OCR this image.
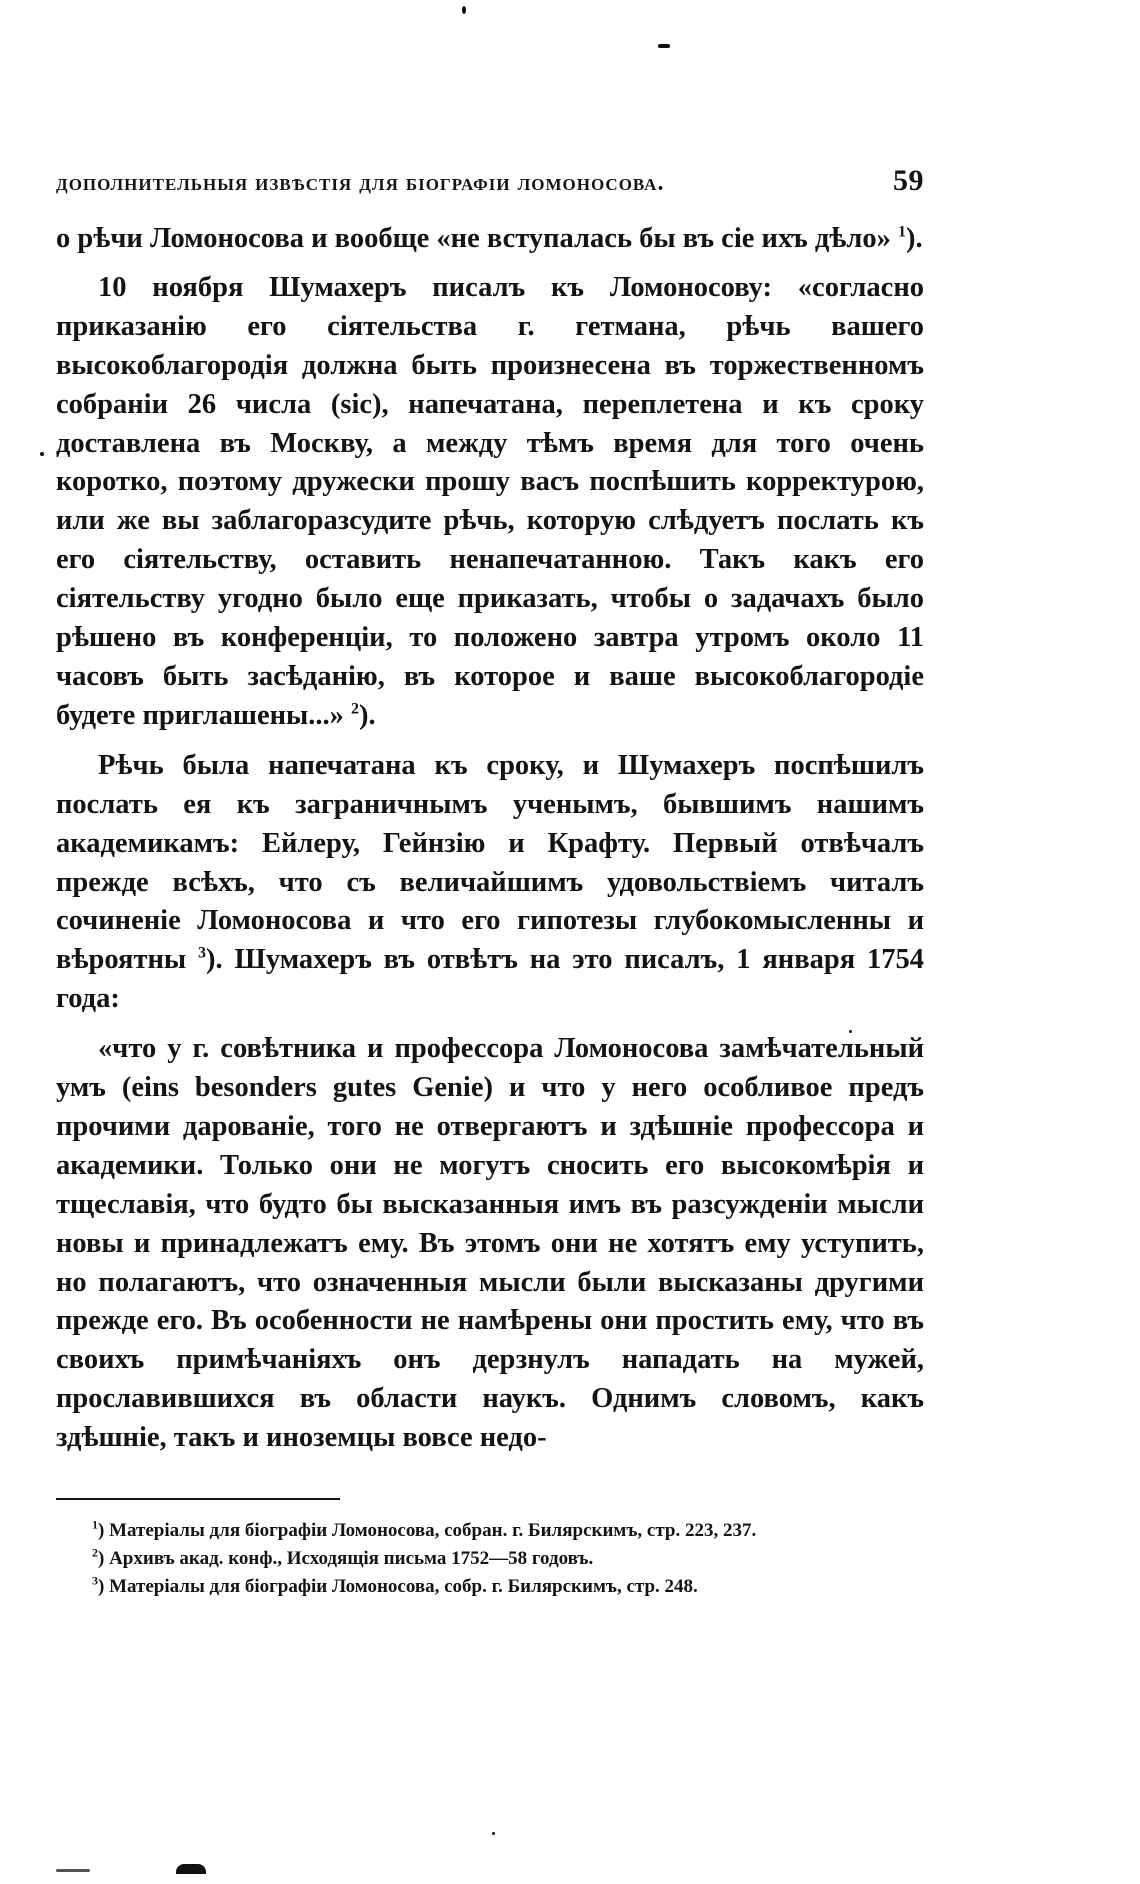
дополнительныя извѣстія для біографіи ломоносова.	59

о рѣчи Ломоносова и вообще «не вступалась бы въ сіе ихъ дѣло» $^1$).

10 ноября Шумахеръ писалъ къ Ломоносову: «согласно приказанію его сіятельства г. гетмана, рѣчь вашего высокоблагородія должна быть произнесена въ торжественномъ собраніи 26 числа (sic), напечатана, переплетена и къ сроку доставлена въ Москву, а между тѣмъ время для того очень коротко, поэтому дружески прошу васъ поспѣшить корректурою, или же вы заблагоразсудите рѣчь, которую слѣдуетъ послать къ его сіятельству, оставить ненапечатанною. Такъ какъ его сіятельству угодно было еще приказать, чтобы о задачахъ было рѣшено въ конференціи, то положено завтра утромъ около 11 часовъ быть засѣданію, въ которое и ваше высокоблагородіе будете приглашены...» $^2$).

Рѣчь была напечатана къ сроку, и Шумахеръ поспѣшилъ послать ея къ заграничнымъ ученымъ, бывшимъ нашимъ академикамъ: Ейлеру, Гейнзію и Крафту. Первый отвѣчалъ прежде всѣхъ, что съ величайшимъ удовольствіемъ читалъ сочиненіе Ломоносова и что его гипотезы глубокомысленны и вѣроятны $^3$). Шумахеръ въ отвѣтъ на это писалъ, 1 января 1754 года:

«что у г. совѣтника и профессора Ломоносова замѣчательный умъ (eins besonders gutes Genie) и что у него особливое предъ прочими дарованіе, того не отвергаютъ и здѣшніе профессора и академики. Только они не могутъ сносить его высокомѣрія и тщеславія, что будто бы высказанныя имъ въ разсужденіи мысли новы и принадлежатъ ему. Въ этомъ они не хотятъ ему уступить, но полагаютъ, что означенныя мысли были высказаны другими прежде его. Въ особенности не намѣрены они простить ему, что въ своихъ примѣчаніяхъ онъ дерзнулъ нападать на мужей, прославившихся въ области наукъ. Однимъ словомъ, какъ здѣшніе, такъ и иноземцы вовсе недо-

$^1$) Матеріалы для біографіи Ломоносова, собран. г. Билярскимъ, стр. 223, 237.

$^2$) Архивъ акад. конф., Исходящія письма 1752—58 годовъ.

$^3$) Матеріалы для біографіи Ломоносова, собр. г. Билярскимъ, стр. 248.
